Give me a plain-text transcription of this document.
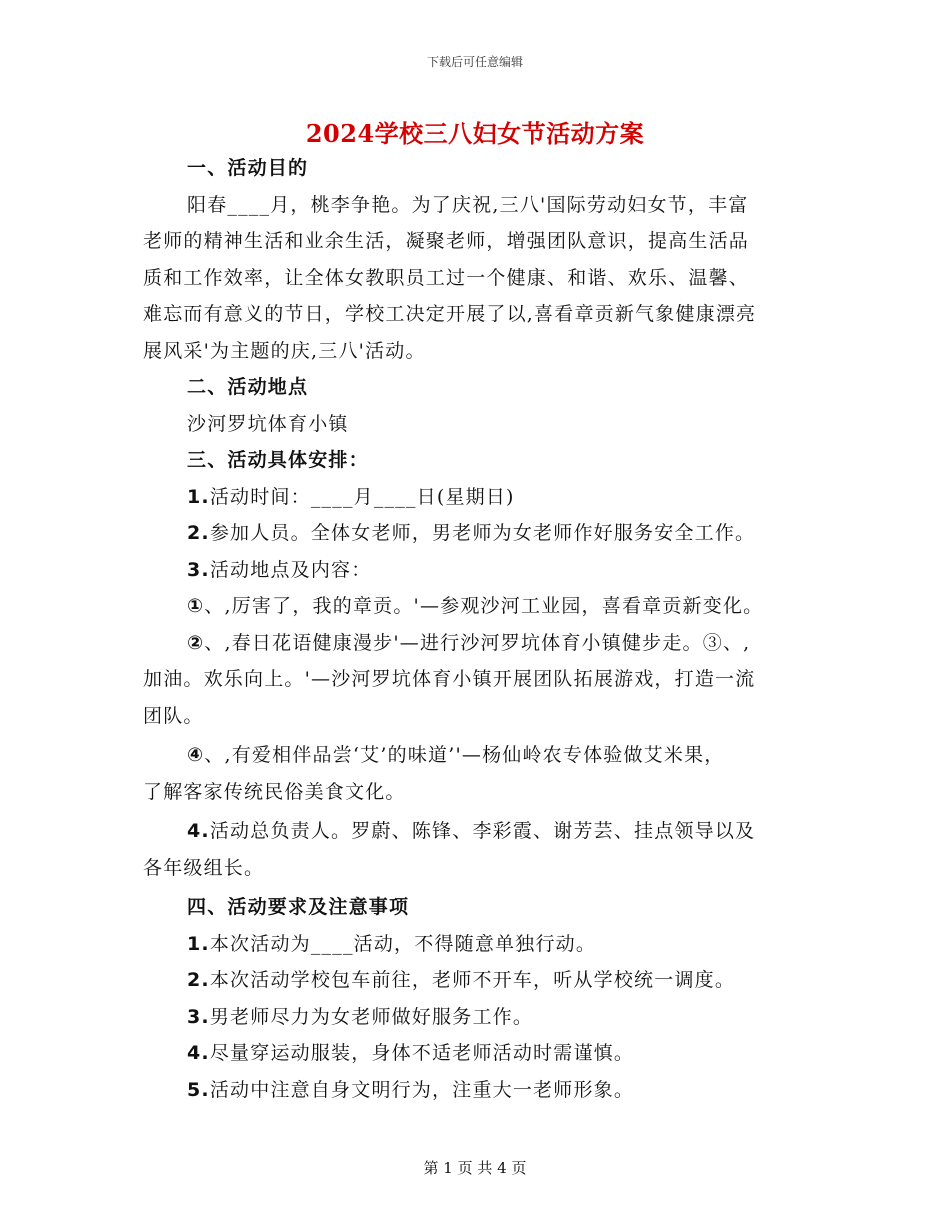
下载后可任意编辑
2024学校三八妇女节活动方案
一、活动目的
阳春____月，桃李争艳。为了庆祝,三八'国际劳动妇女节，丰富
老师的精神生活和业余生活，凝聚老师，增强团队意识，提高生活品
质和工作效率，让全体女教职员工过一个健康、和谐、欢乐、温馨、
难忘而有意义的节日，学校工决定开展了以,喜看章贡新气象健康漂亮
展风采'为主题的庆,三八'活动。
二、活动地点
沙河罗坑体育小镇
三、活动具体安排：
1.活动时间：____月____日(星期日)
2.参加人员。全体女老师，男老师为女老师作好服务安全工作。
3.活动地点及内容：
①、,厉害了，我的章贡。'—参观沙河工业园，喜看章贡新变化。
②、,春日花语健康漫步'—进行沙河罗坑体育小镇健步走。③、,
加油。欢乐向上。'—沙河罗坑体育小镇开展团队拓展游戏，打造一流
团队。
④、,有爱相伴品尝‘艾’的味道’'—杨仙岭农专体验做艾米果，
了解客家传统民俗美食文化。
4.活动总负责人。罗蔚、陈锋、李彩霞、谢芳芸、挂点领导以及
各年级组长。
四、活动要求及注意事项
1.本次活动为____活动，不得随意单独行动。
2.本次活动学校包车前往，老师不开车，听从学校统一调度。
3.男老师尽力为女老师做好服务工作。
4.尽量穿运动服装，身体不适老师活动时需谨慎。
5.活动中注意自身文明行为，注重大一老师形象。
第 1 页 共 4 页
